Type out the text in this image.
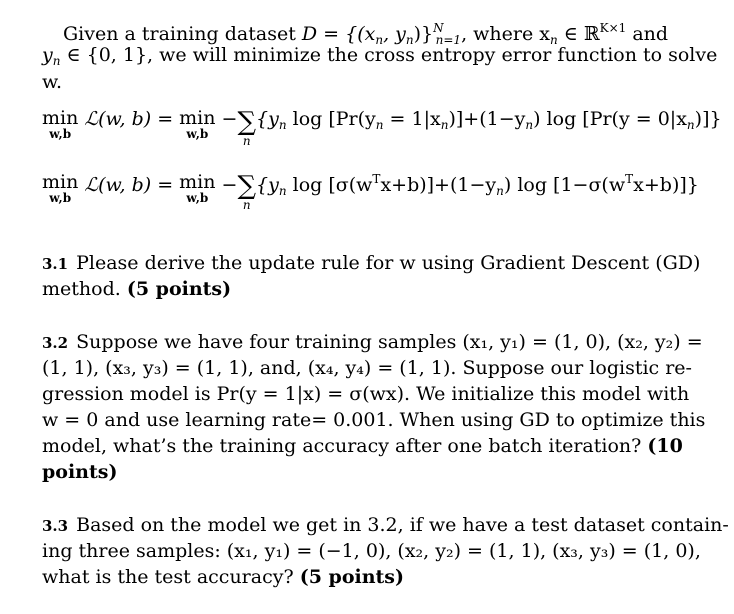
Given a training dataset $D = \{(x_n$, $y_n)\}^N_{n=1}$, where $x_n$ ∈ ℝ$^{K\times 1}$ and
$y_n$ ∈ {0, 1}, we will minimize the cross entropy error function to solve
w.
min
w,b
ℒ(w, b) = min
w,b
−∑
n
{$y_n$ $\log [Pr(y_n = 1|x_n)]+(1-y_n)$ $\log [Pr(y = 0|x_n)]$}
min
w,b
ℒ(w, b) = min
w,b
−∑
n
{$y_n$ $\log [\sigma(w^Tx+b)]+(1-y_n)$ $\log [1-\sigma(w^Tx+b)]$}
3.1 Please derive the update rule for w using Gradient Descent (GD)
method. (5 points)
3.2 Suppose we have four training samples (x₁, y₁) = (1, 0), (x₂, y₂) =
(1, 1), (x₃, y₃) = (1, 1), and, (x₄, y₄) = (1, 1). Suppose our logistic re-
gression model is Pr(y = 1|x) = σ(wx). We initialize this model with
w = 0 and use learning rate= 0.001. When using GD to optimize this
model, what’s the training accuracy after one batch iteration? (10
points)
3.3 Based on the model we get in 3.2, if we have a test dataset contain-
ing three samples: (x₁, y₁) = (−1, 0), (x₂, y₂) = (1, 1), (x₃, y₃) = (1, 0),
what is the test accuracy? (5 points)
